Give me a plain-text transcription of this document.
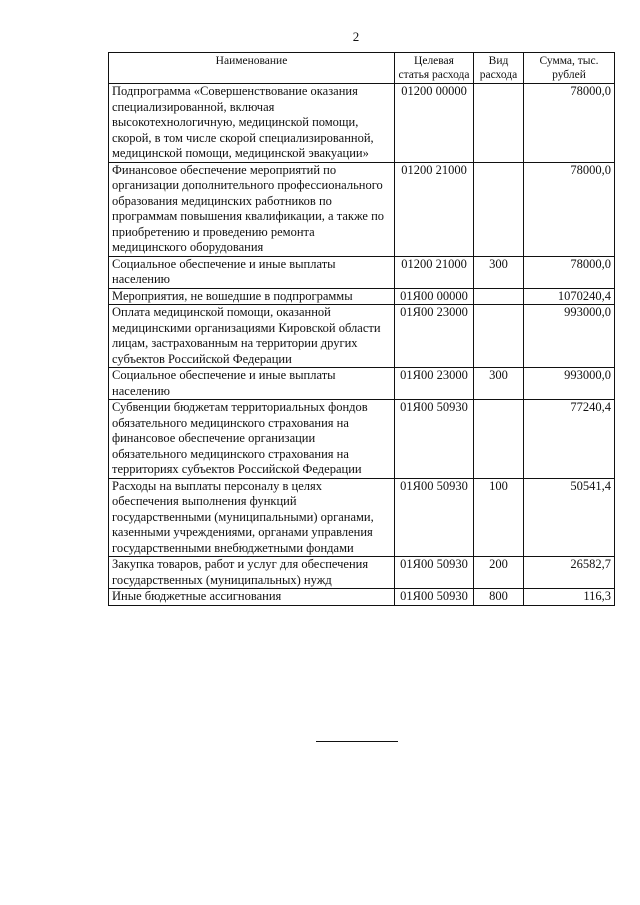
2
Наименование	Целевая статья расхода	Вид расхода	Сумма, тыс. рублей
Подпрограмма «Совершенствование оказания специализированной, включая высокотехнологичную, медицинской помощи, скорой, в том числе скорой специализированной, медицинской помощи, медицинской эвакуации»	01200 00000		78000,0
Финансовое обеспечение мероприятий по организации дополнительного профессионального образования медицинских работников по программам повышения квалификации, а также по приобретению и проведению ремонта медицинского оборудования	01200 21000		78000,0
Социальное обеспечение и иные выплаты населению	01200 21000	300	78000,0
Мероприятия, не вошедшие в подпрограммы	01Я00 00000		1070240,4
Оплата медицинской помощи, оказанной медицинскими организациями Кировской области лицам, застрахованным на территории других субъектов Российской Федерации	01Я00 23000		993000,0
Социальное обеспечение и иные выплаты населению	01Я00 23000	300	993000,0
Субвенции бюджетам территориальных фондов обязательного медицинского страхования на финансовое обеспечение организации обязательного медицинского страхования на территориях субъектов Российской Федерации	01Я00 50930		77240,4
Расходы на выплаты персоналу в целях обеспечения выполнения функций государственными (муниципальными) органами, казенными учреждениями, органами управления государственными внебюджетными фондами	01Я00 50930	100	50541,4
Закупка товаров, работ и услуг для обеспечения государственных (муниципальных) нужд	01Я00 50930	200	26582,7
Иные бюджетные ассигнования	01Я00 50930	800	116,3
